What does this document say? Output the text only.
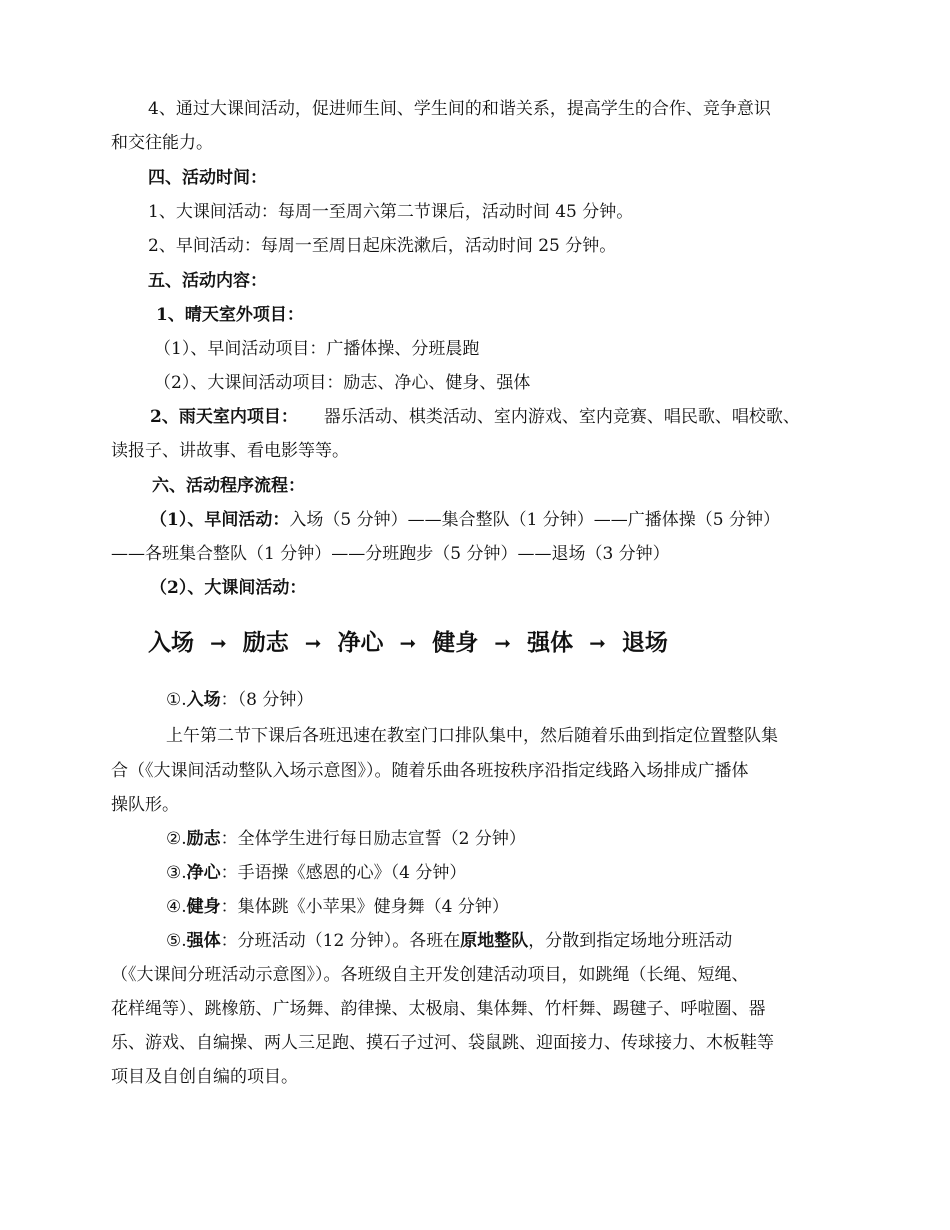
4、通过大课间活动，促进师生间、学生间的和谐关系，提高学生的合作、竞争意识
和交往能力。
四、活动时间：
1、大课间活动：每周一至周六第二节课后，活动时间 45 分钟。
2、早间活动：每周一至周日起床洗漱后，活动时间 25 分钟。
五、活动内容：
1、晴天室外项目：
（1）、早间活动项目：广播体操、分班晨跑
（2）、大课间活动项目：励志、净心、健身、强体
2、雨天室内项目： 器乐活动、棋类活动、室内游戏、室内竞赛、唱民歌、唱校歌、
读报子、讲故事、看电影等等。
六、活动程序流程：
（1）、早间活动：入场（5 分钟）——集合整队（1 分钟）——广播体操（5 分钟）
——各班集合整队（1 分钟）——分班跑步（5 分钟）——退场（3 分钟）
（2）、大课间活动：
入场 ➞ 励志 ➞ 净心 ➞ 健身 ➞ 强体 ➞ 退场
①.入场：（8 分钟）
上午第二节下课后各班迅速在教室门口排队集中，然后随着乐曲到指定位置整队集
合（《大课间活动整队入场示意图》）。随着乐曲各班按秩序沿指定线路入场排成广播体
操队形。
②.励志：全体学生进行每日励志宣誓（2 分钟）
③.净心：手语操《感恩的心》（4 分钟）
④.健身：集体跳《小苹果》健身舞（4 分钟）
⑤.强体：分班活动（12 分钟）。各班在原地整队，分散到指定场地分班活动
（《大课间分班活动示意图》）。各班级自主开发创建活动项目，如跳绳（长绳、短绳、
花样绳等）、跳橡筋、广场舞、韵律操、太极扇、集体舞、竹杆舞、踢毽子、呼啦圈、器
乐、游戏、自编操、两人三足跑、摸石子过河、袋鼠跳、迎面接力、传球接力、木板鞋等
项目及自创自编的项目。
